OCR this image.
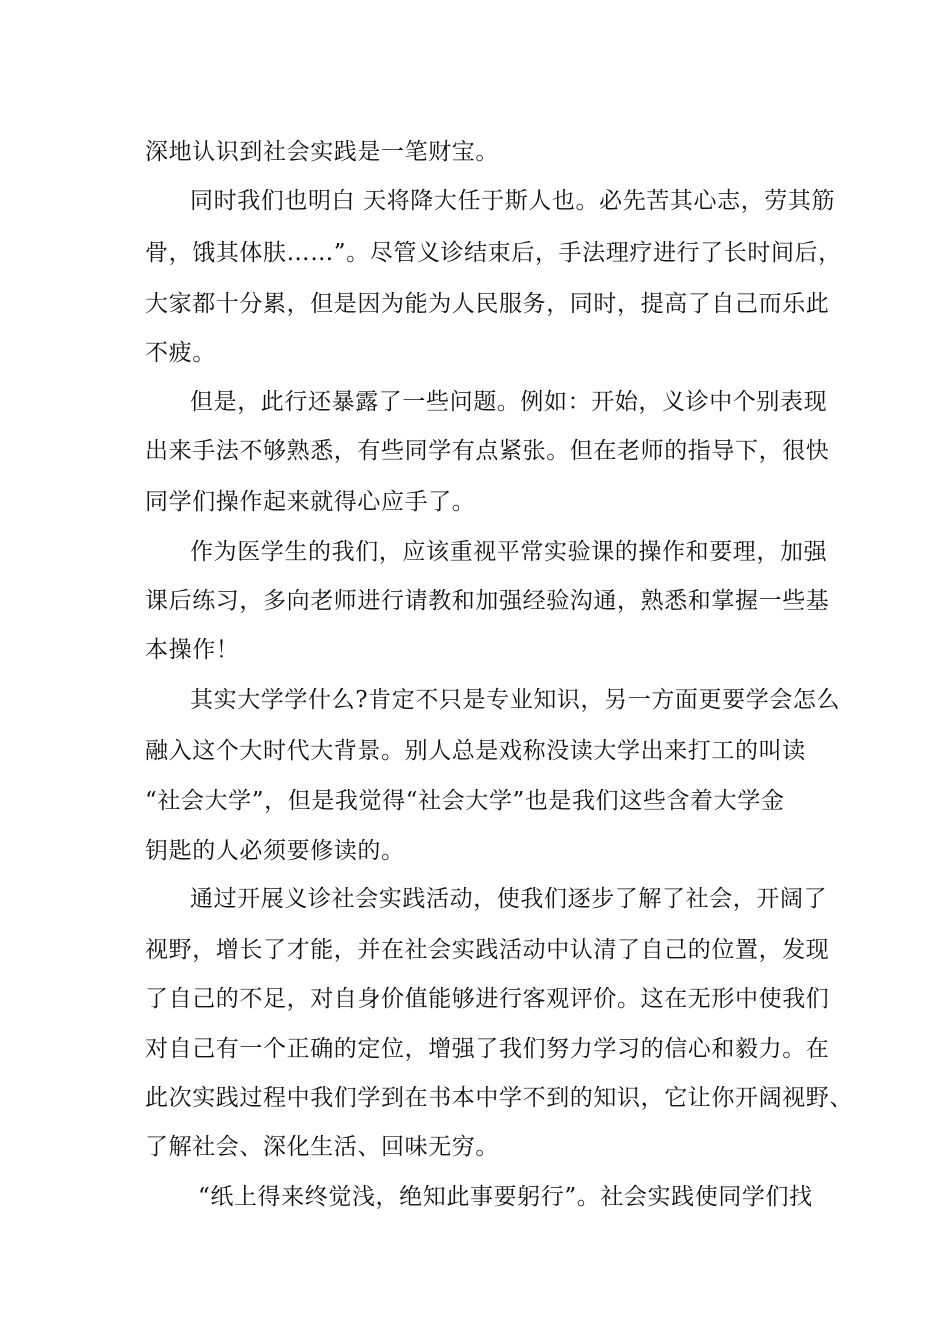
深地认识到社会实践是一笔财宝。
同时我们也明白 天将降大任于斯人也。必先苦其心志，劳其筋
骨，饿其体肤……”。尽管义诊结束后，手法理疗进行了长时间后，
大家都十分累，但是因为能为人民服务，同时，提高了自己而乐此
不疲。
但是，此行还暴露了一些问题。例如：开始，义诊中个别表现
出来手法不够熟悉，有些同学有点紧张。但在老师的指导下，很快
同学们操作起来就得心应手了。
作为医学生的我们，应该重视平常实验课的操作和要理，加强
课后练习，多向老师进行请教和加强经验沟通，熟悉和掌握一些基
本操作！
其实大学学什么?肯定不只是专业知识，另一方面更要学会怎么
融入这个大时代大背景。别人总是戏称没读大学出来打工的叫读
“社会大学”，但是我觉得“社会大学”也是我们这些含着大学金
钥匙的人必须要修读的。
通过开展义诊社会实践活动，使我们逐步了解了社会，开阔了
视野，增长了才能，并在社会实践活动中认清了自己的位置，发现
了自己的不足，对自身价值能够进行客观评价。这在无形中使我们
对自己有一个正确的定位，增强了我们努力学习的信心和毅力。在
此次实践过程中我们学到在书本中学不到的知识，它让你开阔视野、
了解社会、深化生活、回味无穷。
“纸上得来终觉浅，绝知此事要躬行”。社会实践使同学们找
